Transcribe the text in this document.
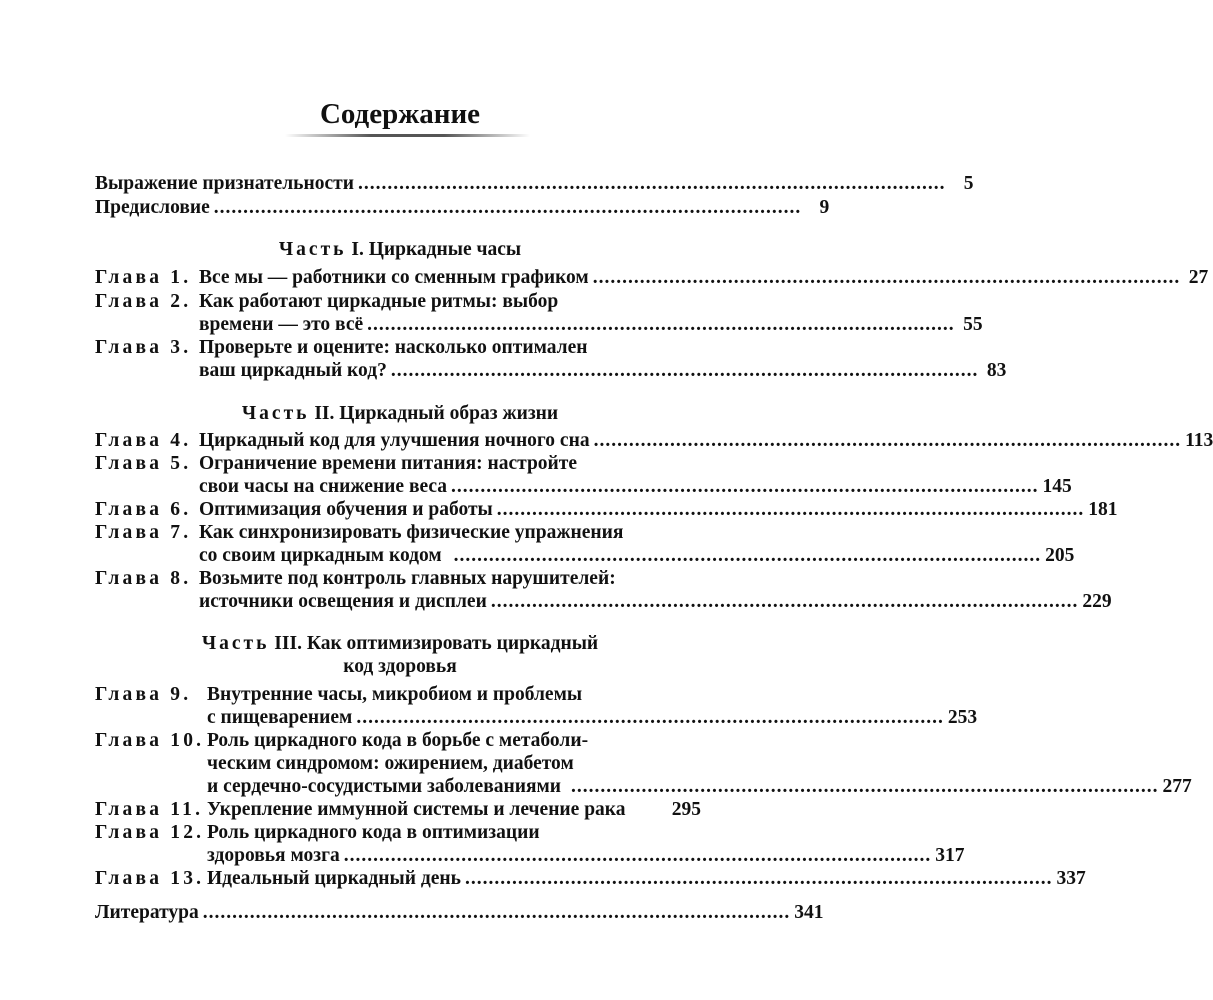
Содержание
Выражение признательности .................................................................................................... 5
Предисловие .................................................................................................... 9
Часть I. Циркадные часы
Глава 1. Все мы — работники со сменным графиком .................................................................................................... 27
Глава 2. Как работают циркадные ритмы: выбор
времени — это всё .................................................................................................... 55
Глава 3. Проверьте и оцените: насколько оптимален
ваш циркадный код? .................................................................................................... 83
Часть II. Циркадный образ жизни
Глава 4. Циркадный код для улучшения ночного сна .................................................................................................... 113
Глава 5. Ограничение времени питания: настройте
свои часы на снижение веса .................................................................................................... 145
Глава 6. Оптимизация обучения и работы .................................................................................................... 181
Глава 7. Как синхронизировать физические упражнения
со своим циркадным кодом .................................................................................................... 205
Глава 8. Возьмите под контроль главных нарушителей:
источники освещения и дисплеи .................................................................................................... 229
Часть III. Как оптимизировать циркадный
код здоровья
Глава 9. Внутренние часы, микробиом и проблемы
с пищеварением .................................................................................................... 253
Глава 10. Роль циркадного кода в борьбе с метаболи-
ческим синдромом: ожирением, диабетом
и сердечно-сосудистыми заболеваниями .................................................................................................... 277
Глава 11. Укрепление иммунной системы и лечение рака 295
Глава 12. Роль циркадного кода в оптимизации
здоровья мозга .................................................................................................... 317
Глава 13. Идеальный циркадный день .................................................................................................... 337
Литература .................................................................................................... 341
